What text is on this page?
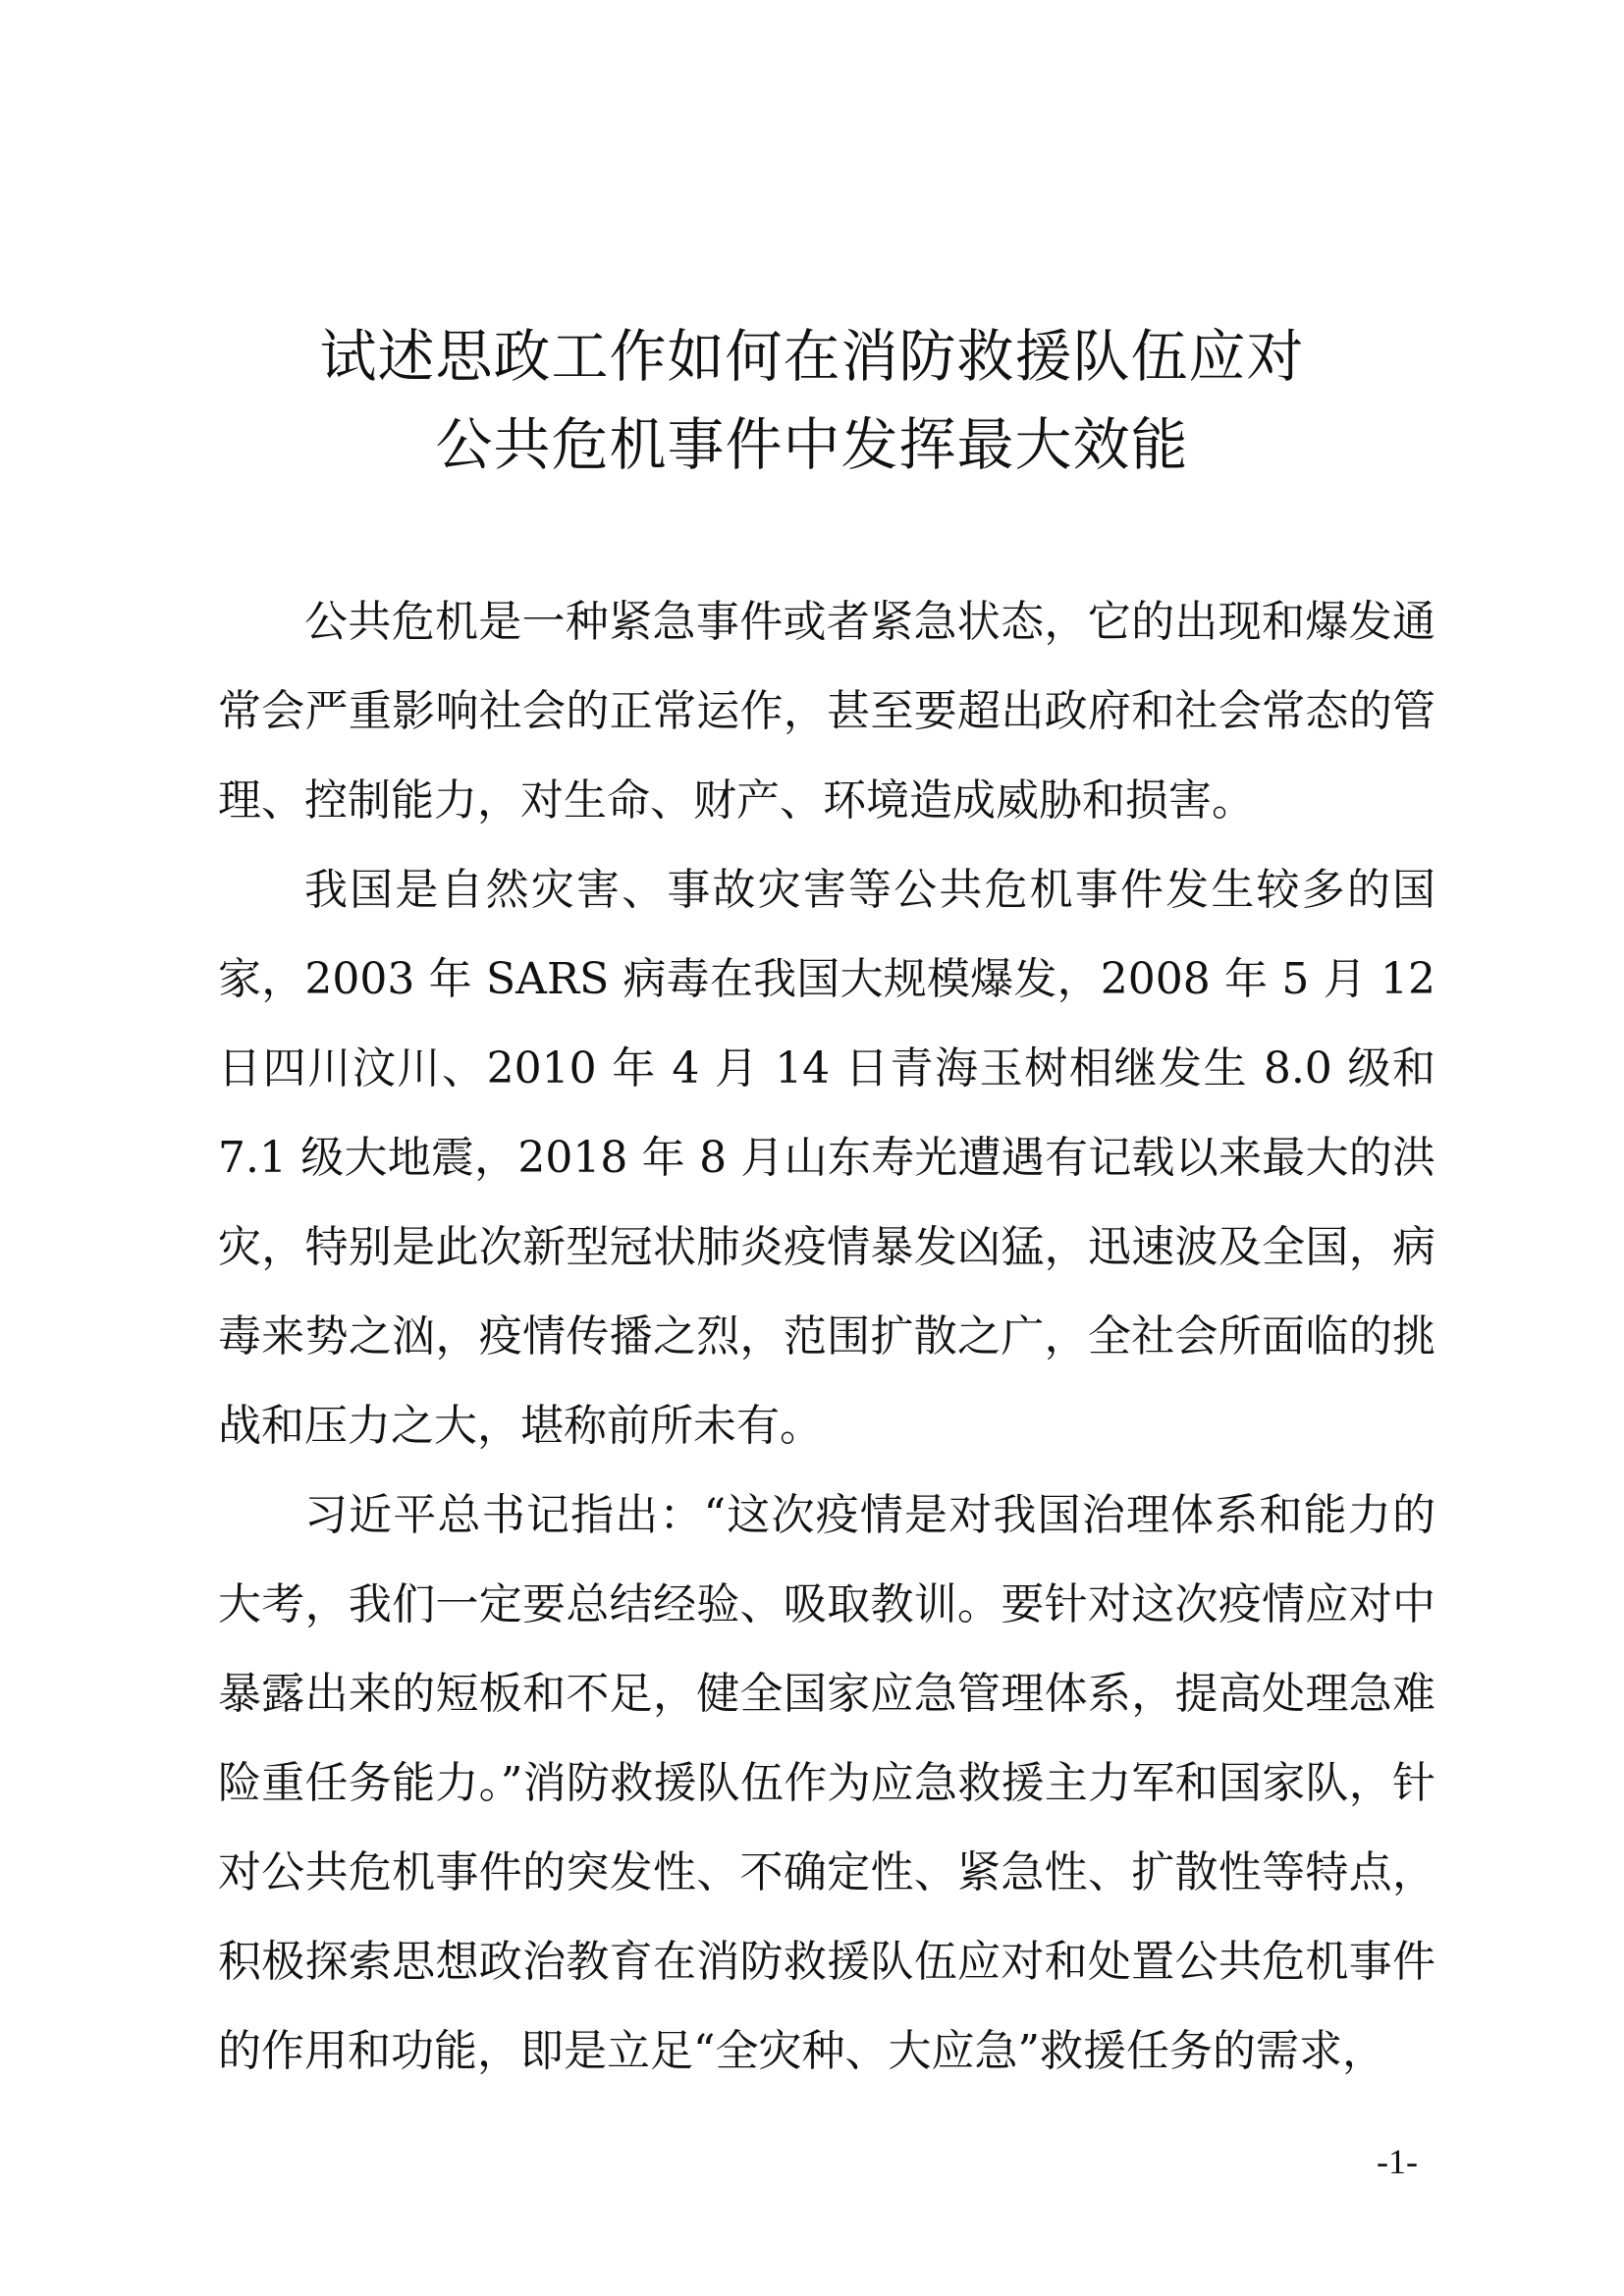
试述思政工作如何在消防救援队伍应对
公共危机事件中发挥最大效能

公共危机是一种紧急事件或者紧急状态，它的出现和爆发通常会严重影响社会的正常运作，甚至要超出政府和社会常态的管理、控制能力，对生命、财产、环境造成威胁和损害。

我国是自然灾害、事故灾害等公共危机事件发生较多的国家，2003 年 SARS 病毒在我国大规模爆发，2008 年 5 月 12 日四川汶川、2010 年 4 月 14 日青海玉树相继发生 8.0 级和 7.1 级大地震，2018 年 8 月山东寿光遭遇有记载以来最大的洪灾，特别是此次新型冠状肺炎疫情暴发凶猛，迅速波及全国，病毒来势之汹，疫情传播之烈，范围扩散之广，全社会所面临的挑战和压力之大，堪称前所未有。

习近平总书记指出：“这次疫情是对我国治理体系和能力的大考，我们一定要总结经验、吸取教训。要针对这次疫情应对中暴露出来的短板和不足，健全国家应急管理体系，提高处理急难险重任务能力。”消防救援队伍作为应急救援主力军和国家队，针对公共危机事件的突发性、不确定性、紧急性、扩散性等特点，积极探索思想政治教育在消防救援队伍应对和处置公共危机事件的作用和功能，即是立足“全灾种、大应急”救援任务的需求，

-1-
